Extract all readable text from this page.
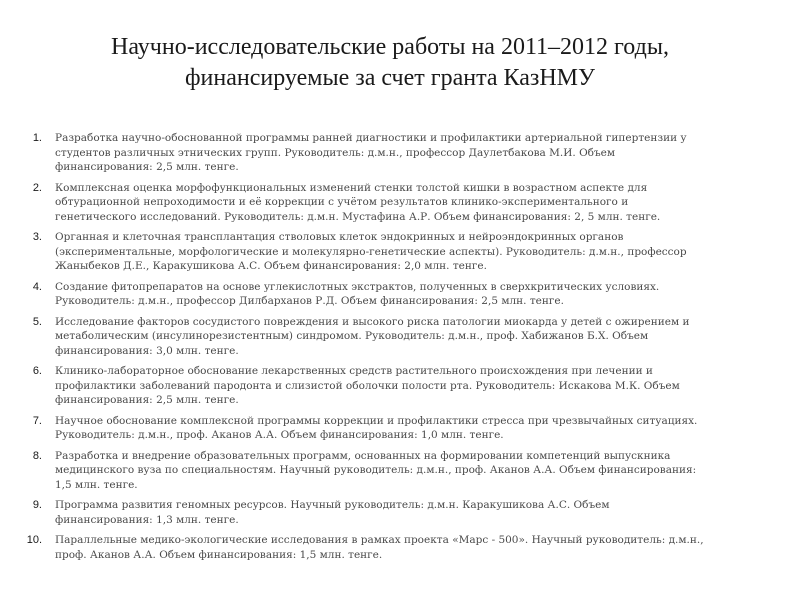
Научно-исследовательские работы на 2011–2012 годы,
финансируемые за счет гранта КазНМУ
1. Разработка научно-обоснованной программы ранней диагностики и профилактики артериальной гипертензии у студентов различных этнических групп. Руководитель: д.м.н., профессор Даулетбакова М.И. Объем финансирования: 2,5 млн. тенге.
2. Комплексная оценка морфофункциональных изменений стенки толстой кишки в возрастном аспекте для обтурационной непроходимости и её коррекции с учётом результатов клинико-экспериментального и генетического исследований. Руководитель: д.м.н. Мустафина А.Р. Объем финансирования: 2, 5 млн. тенге.
3. Органная и клеточная трансплантация стволовых клеток эндокринных и нейроэндокринных органов (экспериментальные, морфологические и молекулярно-генетические аспекты). Руководитель: д.м.н., профессор Жаныбеков Д.Е., Каракушикова А.С. Объем финансирования: 2,0 млн. тенге.
4. Создание фитопрепаратов на основе углекислотных экстрактов, полученных в сверхкритических условиях. Руководитель: д.м.н., профессор Дилбарханов Р.Д. Объем финансирования: 2,5 млн. тенге.
5. Исследование факторов сосудистого повреждения и высокого риска патологии миокарда у детей с ожирением и метаболическим (инсулинорезистентным) синдромом. Руководитель: д.м.н., проф. Хабижанов Б.Х. Объем финансирования: 3,0 млн. тенге.
6. Клинико-лабораторное обоснование лекарственных средств растительного происхождения при лечении и профилактики заболеваний пародонта и слизистой оболочки полости рта. Руководитель: Искакова М.К. Объем финансирования: 2,5 млн. тенге.
7. Научное обоснование комплексной программы коррекции и профилактики стресса при чрезвычайных ситуациях. Руководитель: д.м.н., проф. Аканов А.А. Объем финансирования: 1,0 млн. тенге.
8. Разработка и внедрение образовательных программ, основанных на формировании компетенций выпускника медицинского вуза по специальностям. Научный руководитель: д.м.н., проф. Аканов А.А. Объем финансирования: 1,5 млн. тенге.
9. Программа развития геномных ресурсов. Научный руководитель: д.м.н. Каракушикова А.С. Объем финансирования: 1,3 млн. тенге.
10. Параллельные медико-экологические исследования в рамках проекта «Марс - 500». Научный руководитель: д.м.н., проф. Аканов А.А. Объем финансирования: 1,5 млн. тенге.
